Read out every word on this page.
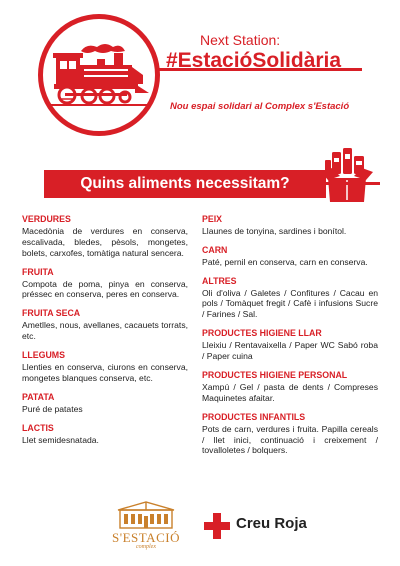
Next Station:
#EstacióSolidària
Nou espai solidari al Complex s'Estació
Quins aliments necessitam?
VERDURES
Macedònia de verdures en conserva, escalivada, bledes, pèsols, mongetes, bolets, carxofes, tomàtiga natural sencera.
FRUITA
Compota de poma, pinya en conserva, préssec en conserva, peres en conserva.
FRUITA SECA
Ametlles, nous, avellanes, cacauets torrats, etc.
LLEGUMS
Llenties en conserva, ciurons en conserva, mongetes blanques conserva, etc.
PATATA
Puré de patates
LACTIS
Llet semidesnatada.
PEIX
Llaunes de tonyina, sardines i bonítol.
CARN
Paté, pernil en conserva, carn en conserva.
ALTRES
Oli d'oliva / Galetes / Confitures / Cacau en pols / Tomàquet fregit / Cafè i infusions Sucre / Farines / Sal.
PRODUCTES HIGIENE LLAR
Lleixiu / Rentavaixella / Paper WC Sabó roba / Paper cuina
PRODUCTES HIGIENE PERSONAL
Xampú / Gel / pasta de dents / Compreses Maquinetes afaitar.
PRODUCTES INFANTILS
Pots de carn, verdures i fruita. Papilla cereals / llet inici, continuació i creixement / tovalloletes / bolquers.
S'ESTACIÓ
complex
Creu Roja
